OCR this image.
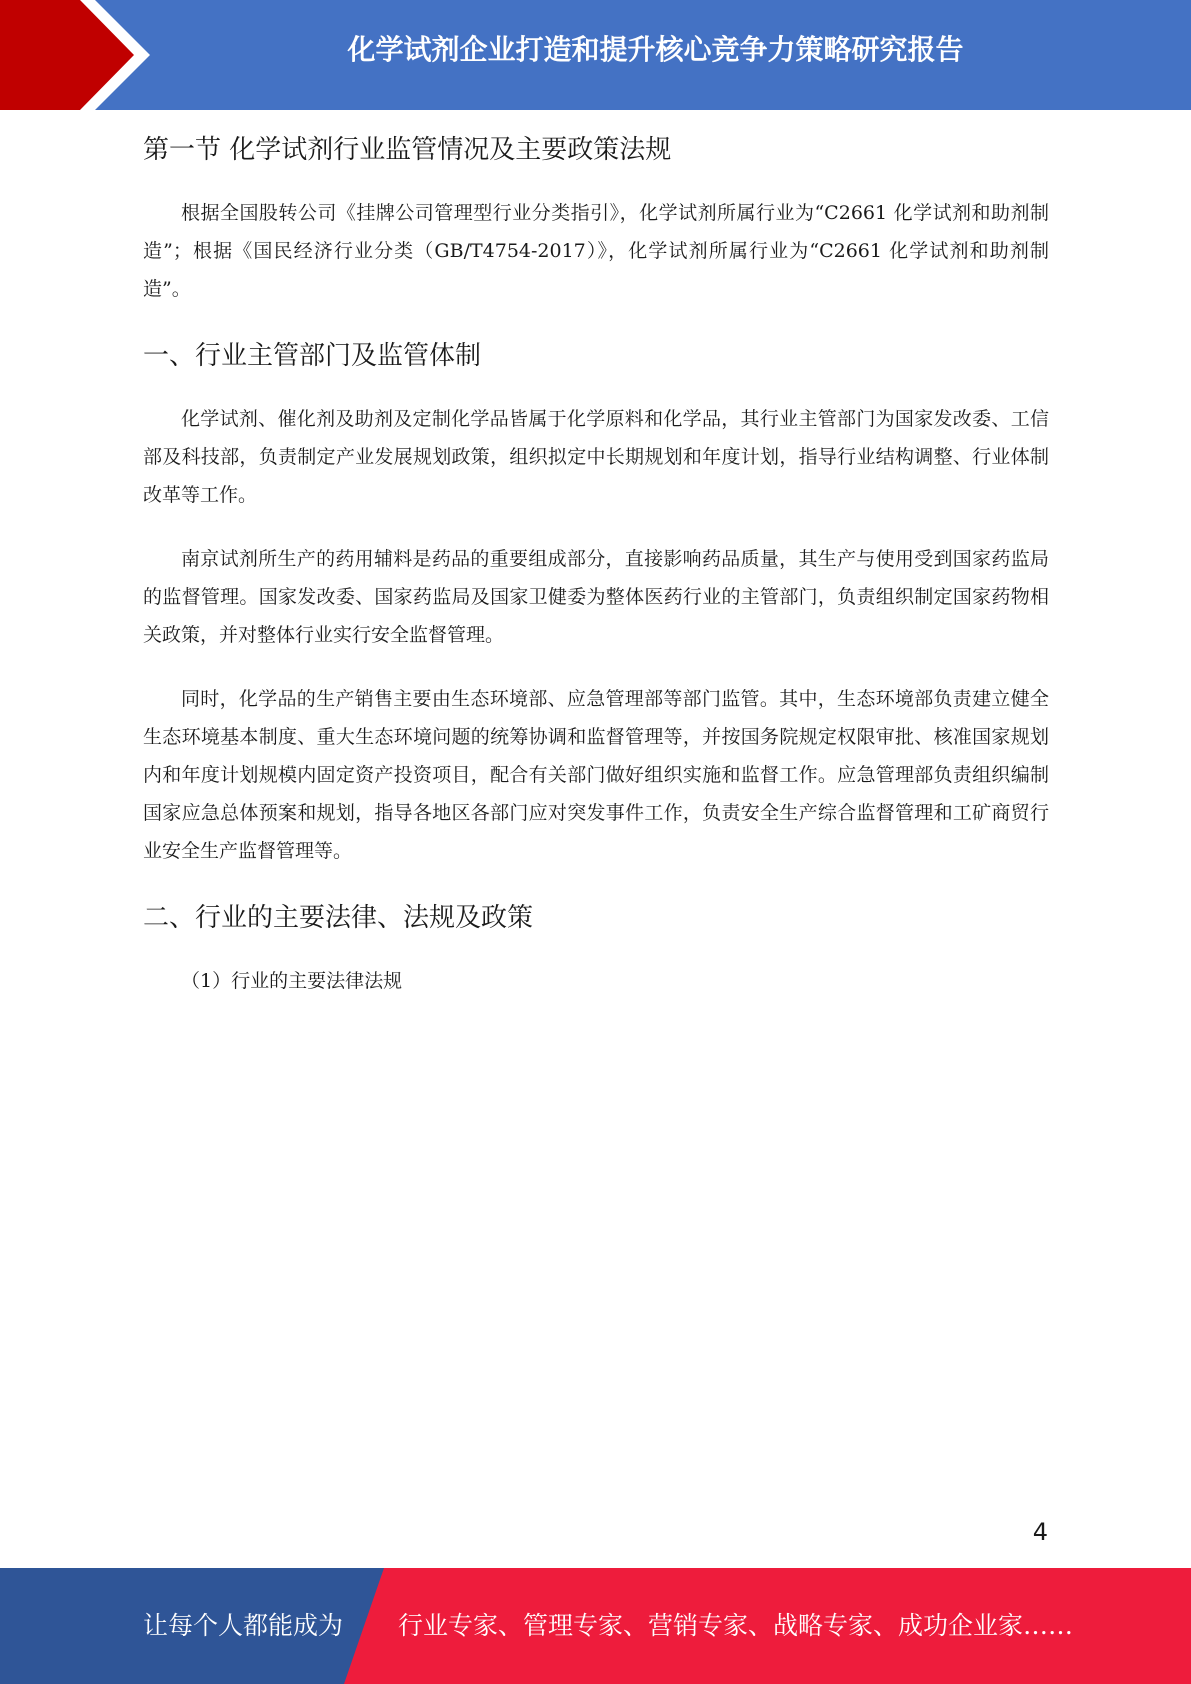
化学试剂企业打造和提升核心竞争力策略研究报告
第一节 化学试剂行业监管情况及主要政策法规

根据全国股转公司《挂牌公司管理型行业分类指引》，化学试剂所属行业为“C2661 化学试剂和助剂制造”；根据《国民经济行业分类（GB/T4754-2017）》，化学试剂所属行业为“C2661 化学试剂和助剂制造”。

一、行业主管部门及监管体制

化学试剂、催化剂及助剂及定制化学品皆属于化学原料和化学品，其行业主管部门为国家发改委、工信部及科技部，负责制定产业发展规划政策，组织拟定中长期规划和年度计划，指导行业结构调整、行业体制改革等工作。

南京试剂所生产的药用辅料是药品的重要组成部分，直接影响药品质量，其生产与使用受到国家药监局的监督管理。国家发改委、国家药监局及国家卫健委为整体医药行业的主管部门，负责组织制定国家药物相关政策，并对整体行业实行安全监督管理。

同时，化学品的生产销售主要由生态环境部、应急管理部等部门监管。其中，生态环境部负责建立健全生态环境基本制度、重大生态环境问题的统筹协调和监督管理等，并按国务院规定权限审批、核准国家规划内和年度计划规模内固定资产投资项目，配合有关部门做好组织实施和监督工作。应急管理部负责组织编制国家应急总体预案和规划，指导各地区各部门应对突发事件工作，负责安全生产综合监督管理和工矿商贸行业安全生产监督管理等。

二、行业的主要法律、法规及政策

（1）行业的主要法律法规

4
让每个人都能成为 行业专家、管理专家、营销专家、战略专家、成功企业家……
